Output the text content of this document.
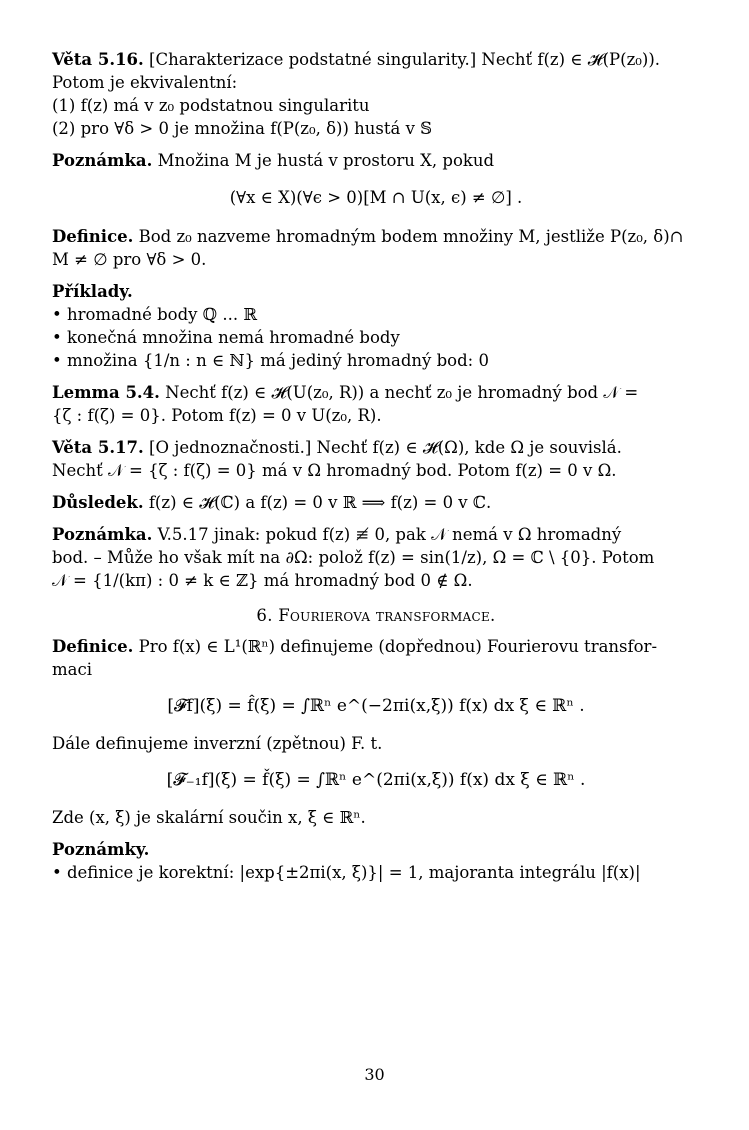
Věta 5.16. [Charakterizace podstatné singularity.] Nechť f(z) ∈ 𝓗(P(z₀)).
Potom je ekvivalentní:
(1) f(z) má v z₀ podstatnou singularitu
(2) pro ∀δ > 0 je množina f(P(z₀, δ)) hustá v 𝕊
Poznámka. Množina M je hustá v prostoru X, pokud
(∀x ∈ X)(∀ϵ > 0)[M ∩ U(x, ϵ) ≠ ∅] .
Definice. Bod z₀ nazveme hromadným bodem množiny M, jestliže P(z₀, δ)∩
M ≠ ∅ pro ∀δ > 0.
Příklady.
• hromadné body ℚ ... ℝ
• konečná množina nemá hromadné body
• množina {1/n : n ∈ ℕ} má jediný hromadný bod: 0
Lemma 5.4. Nechť f(z) ∈ 𝓗(U(z₀, R)) a nechť z₀ je hromadný bod 𝒩 =
{ζ : f(ζ) = 0}. Potom f(z) = 0 v U(z₀, R).
Věta 5.17. [O jednoznačnosti.] Nechť f(z) ∈ 𝓗(Ω), kde Ω je souvislá.
Nechť 𝒩 = {ζ : f(ζ) = 0} má v Ω hromadný bod. Potom f(z) = 0 v Ω.
Důsledek. f(z) ∈ 𝓗(ℂ) a f(z) = 0 v ℝ ⟹ f(z) = 0 v ℂ.
Poznámka. V.5.17 jinak: pokud f(z) ≢ 0, pak 𝒩 nemá v Ω hromadný
bod. – Může ho však mít na ∂Ω: polož f(z) = sin(1/z), Ω = ℂ \ {0}. Potom
𝒩 = {1/(kπ) : 0 ≠ k ∈ ℤ} má hromadný bod 0 ∉ Ω.
6. Fourierova transformace.
Definice. Pro f(x) ∈ L¹(ℝⁿ) definujeme (dopřednou) Fourierovu transfor-
maci
[𝓕f](ξ) = f̂(ξ) = ∫ℝⁿ e^(−2πi(x,ξ)) f(x) dx ξ ∈ ℝⁿ .
Dále definujeme inverzní (zpětnou) F. t.
[𝓕₋₁f](ξ) = f̌(ξ) = ∫ℝⁿ e^(2πi(x,ξ)) f(x) dx ξ ∈ ℝⁿ .
Zde (x, ξ) je skalární součin x, ξ ∈ ℝⁿ.
Poznámky.
• definice je korektní: |exp{±2πi(x, ξ)}| = 1, majoranta integrálu |f(x)|
30
